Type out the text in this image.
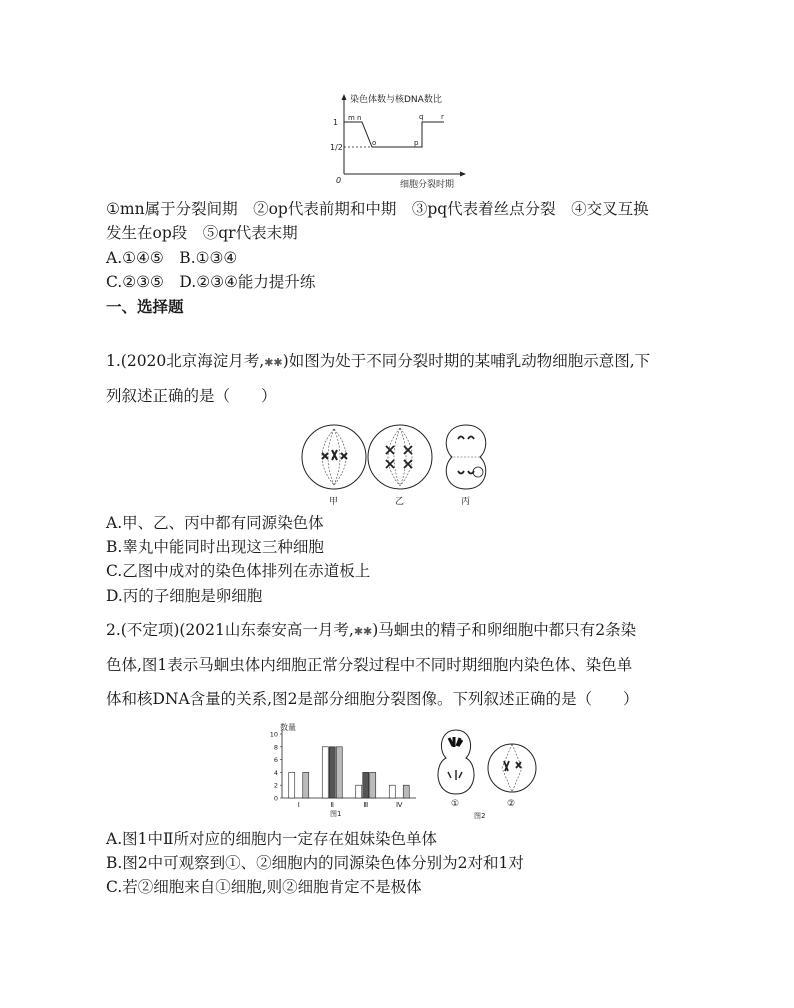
1
1/2
0
m n
o	p
q	r
染色体数与核DNA数比
细胞分裂时期
①mn属于分裂间期　②op代表前期和中期　③pq代表着丝点分裂　④交叉互换
发生在op段　⑤qr代表末期
A.①④⑤　B.①③④
C.②③⑤　D.②③④能力提升练
一、选择题
1.(2020北京海淀月考,✱✱)如图为处于不同分裂时期的某哺乳动物细胞示意图,下
列叙述正确的是（　　）
甲	乙	丙
A.甲、乙、丙中都有同源染色体
B.睾丸中能同时出现这三种细胞
C.乙图中成对的染色体排列在赤道板上
D.丙的子细胞是卵细胞
2.(不定项)(2021山东泰安高一月考,✱✱)马蛔虫的精子和卵细胞中都只有2条染
色体,图1表示马蛔虫体内细胞正常分裂过程中不同时期细胞内染色体、染色单
体和核DNA含量的关系,图2是部分细胞分裂图像。下列叙述正确的是（　　）
数量
图1
0
2
4
6
8
10
Ⅰ	Ⅱ	Ⅲ	Ⅳ	①	②
图2
A.图1中Ⅱ所对应的细胞内一定存在姐妹染色单体
B.图2中可观察到①、②细胞内的同源染色体分别为2对和1对
C.若②细胞来自①细胞,则②细胞肯定不是极体
